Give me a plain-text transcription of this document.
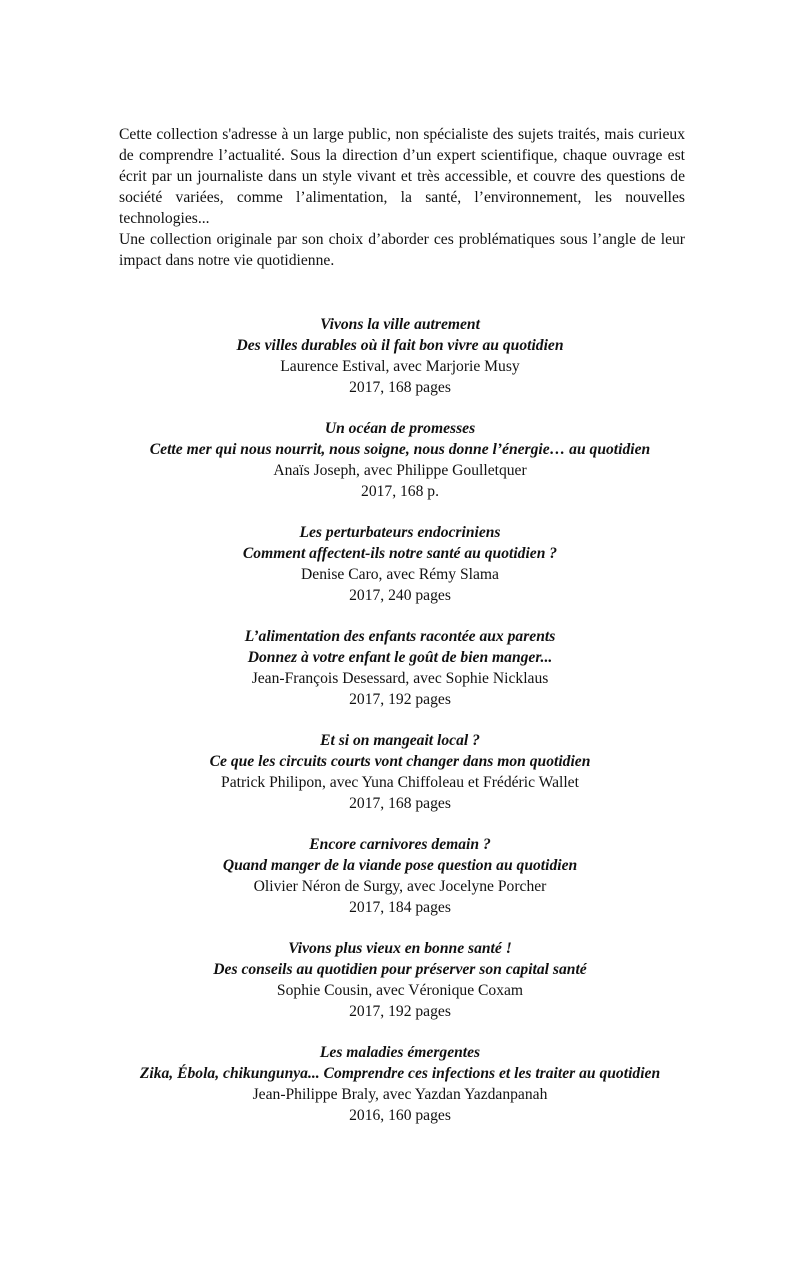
Cette collection s'adresse à un large public, non spécialiste des sujets traités, mais curieux de comprendre l’actualité. Sous la direction d’un expert scientifique, chaque ouvrage est écrit par un journaliste dans un style vivant et très accessible, et couvre des questions de société variées, comme l’alimentation, la santé, l’environnement, les nouvelles technologies...

Une collection originale par son choix d’aborder ces problématiques sous l’angle de leur impact dans notre vie quotidienne.

Vivons la ville autrement
Des villes durables où il fait bon vivre au quotidien
Laurence Estival, avec Marjorie Musy
2017, 168 pages
Un océan de promesses
Cette mer qui nous nourrit, nous soigne, nous donne l’énergie… au quotidien
Anaïs Joseph, avec Philippe Goulletquer
2017, 168 p.
Les perturbateurs endocriniens
Comment affectent-ils notre santé au quotidien ?
Denise Caro, avec Rémy Slama
2017, 240 pages
L’alimentation des enfants racontée aux parents
Donnez à votre enfant le goût de bien manger...
Jean-François Desessard, avec Sophie Nicklaus
2017, 192 pages
Et si on mangeait local ?
Ce que les circuits courts vont changer dans mon quotidien
Patrick Philipon, avec Yuna Chiffoleau et Frédéric Wallet
2017, 168 pages
Encore carnivores demain ?
Quand manger de la viande pose question au quotidien
Olivier Néron de Surgy, avec Jocelyne Porcher
2017, 184 pages
Vivons plus vieux en bonne santé !
Des conseils au quotidien pour préserver son capital santé
Sophie Cousin, avec Véronique Coxam
2017, 192 pages
Les maladies émergentes
Zika, Ébola, chikungunya... Comprendre ces infections et les traiter au quotidien
Jean-Philippe Braly, avec Yazdan Yazdanpanah
2016, 160 pages
